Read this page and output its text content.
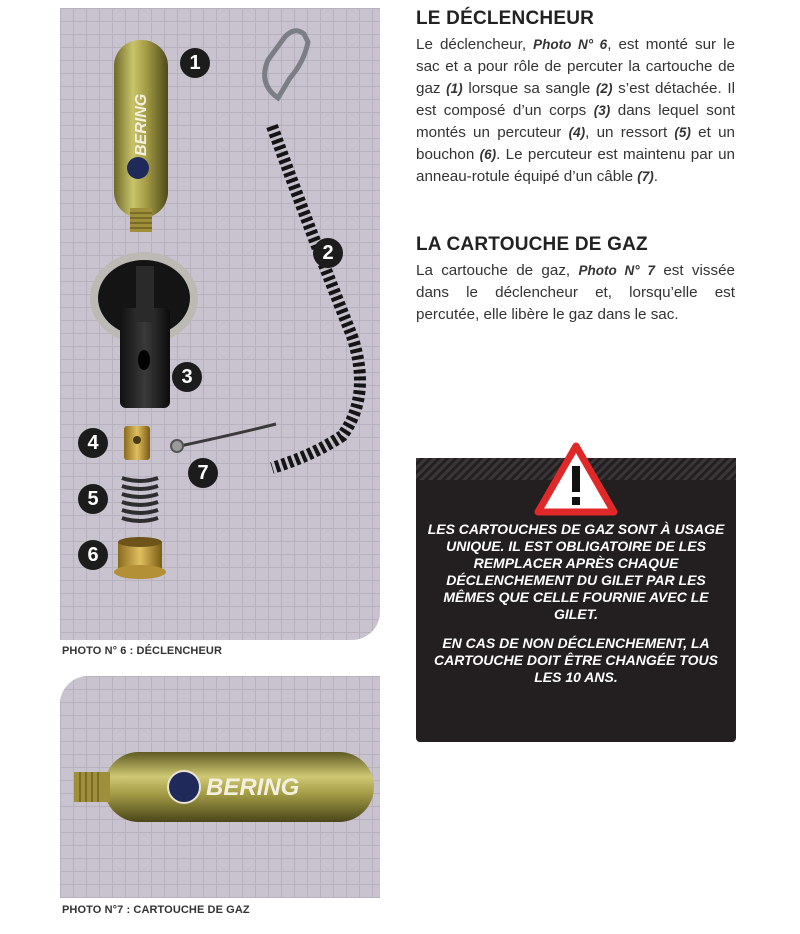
BERING
1
2
3
4
5
6
7
PHOTO N° 6 : DÉCLENCHEUR
BERING
PHOTO N°7 : CARTOUCHE DE GAZ
LE DÉCLENCHEUR

Le déclencheur, Photo N° 6, est monté sur le sac et a pour rôle de percuter la cartouche de gaz (1) lorsque sa sangle (2) s’est détachée. Il est composé d’un corps (3) dans lequel sont montés un percuteur (4), un ressort (5) et un bouchon (6). Le percuteur est maintenu par un anneau-rotule équipé d’un câble (7).

LA CARTOUCHE DE GAZ

La cartouche de gaz, Photo N° 7 est vissée dans le déclencheur et, lorsqu’elle est percutée, elle libère le gaz dans le sac.

LES CARTOUCHES DE GAZ SONT À USAGE UNIQUE. IL EST OBLIGATOIRE DE LES REMPLACER APRÈS CHAQUE DÉCLENCHEMENT DU GILET PAR LES MÊMES QUE CELLE FOURNIE AVEC LE GILET.
EN CAS DE NON DÉCLENCHEMENT, LA CARTOUCHE DOIT ÊTRE CHANGÉE TOUS LES 10 ANS.
